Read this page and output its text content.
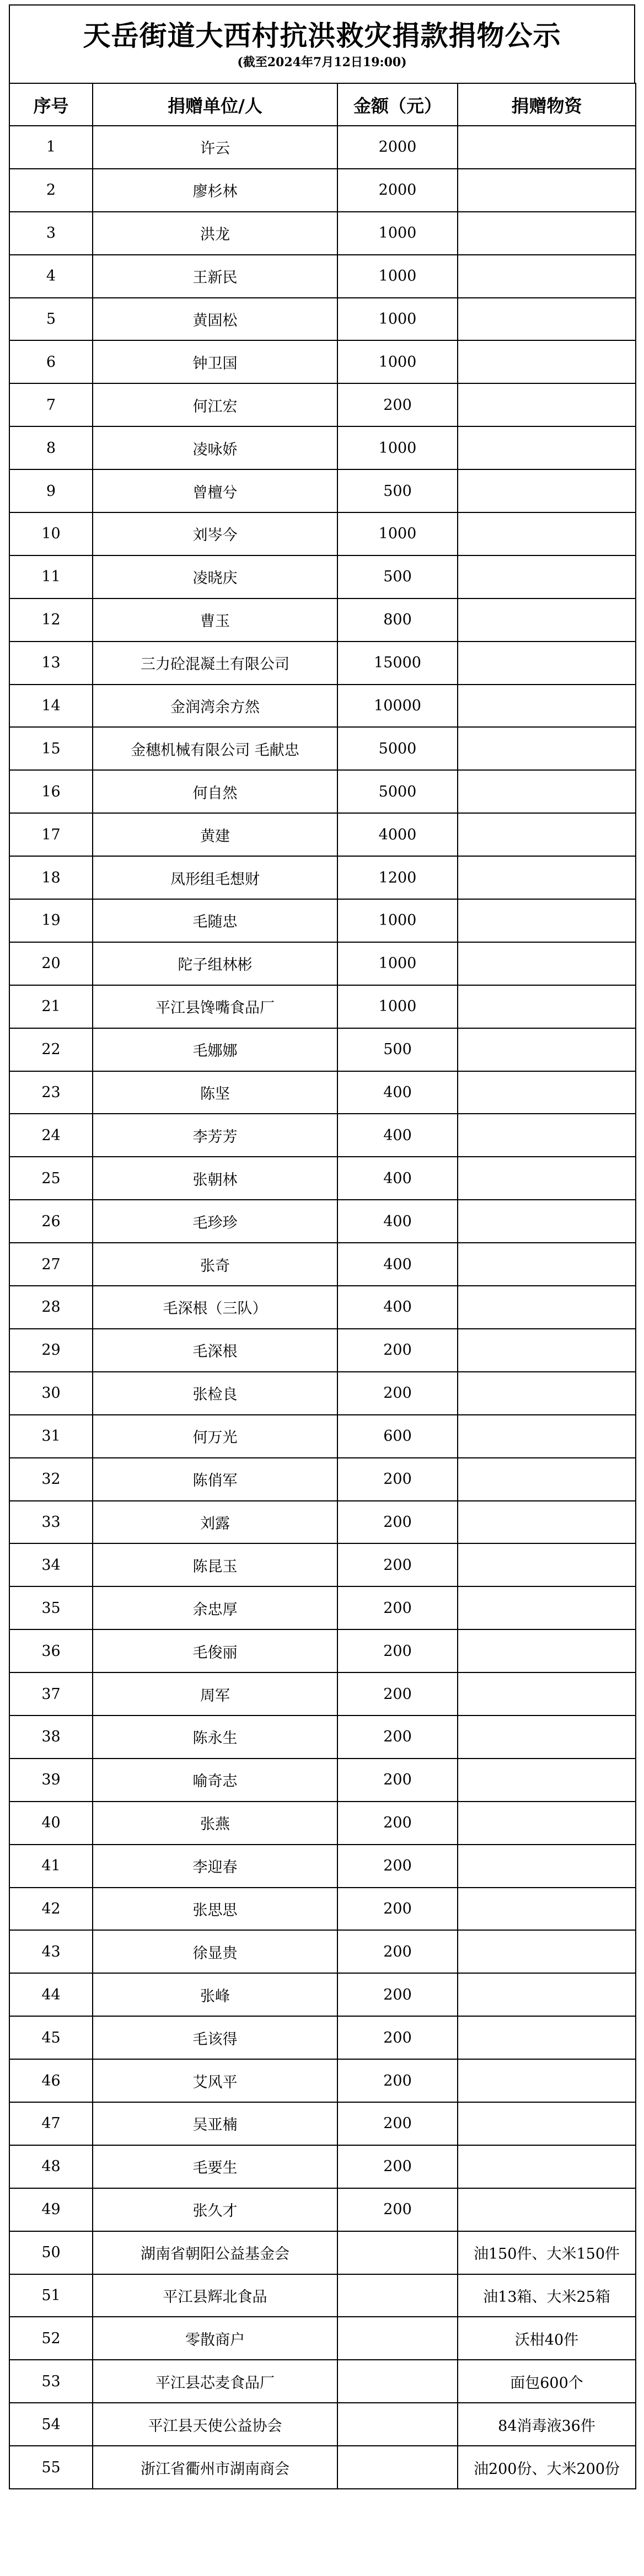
天岳街道大西村抗洪救灾捐款捐物公示
(截至2024年7月12日19:00)
序号	捐赠单位/人	金额（元）	捐赠物资
1	许云	2000	
2	廖杉林	2000	
3	洪龙	1000	
4	王新民	1000	
5	黄固松	1000	
6	钟卫国	1000	
7	何江宏	200	
8	凌咏娇	1000	
9	曾檀兮	500	
10	刘岑今	1000	
11	凌晓庆	500	
12	曹玉	800	
13	三力砼混凝土有限公司	15000	
14	金润湾余方然	10000	
15	金穗机械有限公司 毛献忠	5000	
16	何自然	5000	
17	黄建	4000	
18	凤形组毛想财	1200	
19	毛随忠	1000	
20	陀子组林彬	1000	
21	平江县馋嘴食品厂	1000	
22	毛娜娜	500	
23	陈坚	400	
24	李芳芳	400	
25	张朝林	400	
26	毛珍珍	400	
27	张奇	400	
28	毛深根（三队）	400	
29	毛深根	200	
30	张检良	200	
31	何万光	600	
32	陈俏军	200	
33	刘露	200	
34	陈昆玉	200	
35	余忠厚	200	
36	毛俊丽	200	
37	周军	200	
38	陈永生	200	
39	喻奇志	200	
40	张燕	200	
41	李迎春	200	
42	张思思	200	
43	徐显贵	200	
44	张峰	200	
45	毛该得	200	
46	艾风平	200	
47	吴亚楠	200	
48	毛要生	200	
49	张久才	200	
50	湖南省朝阳公益基金会		油150件、大米150件
51	平江县辉北食品		油13箱、大米25箱
52	零散商户		沃柑40件
53	平江县芯麦食品厂		面包600个
54	平江县天使公益协会		84消毒液36件
55	浙江省衢州市湖南商会		油200份、大米200份
